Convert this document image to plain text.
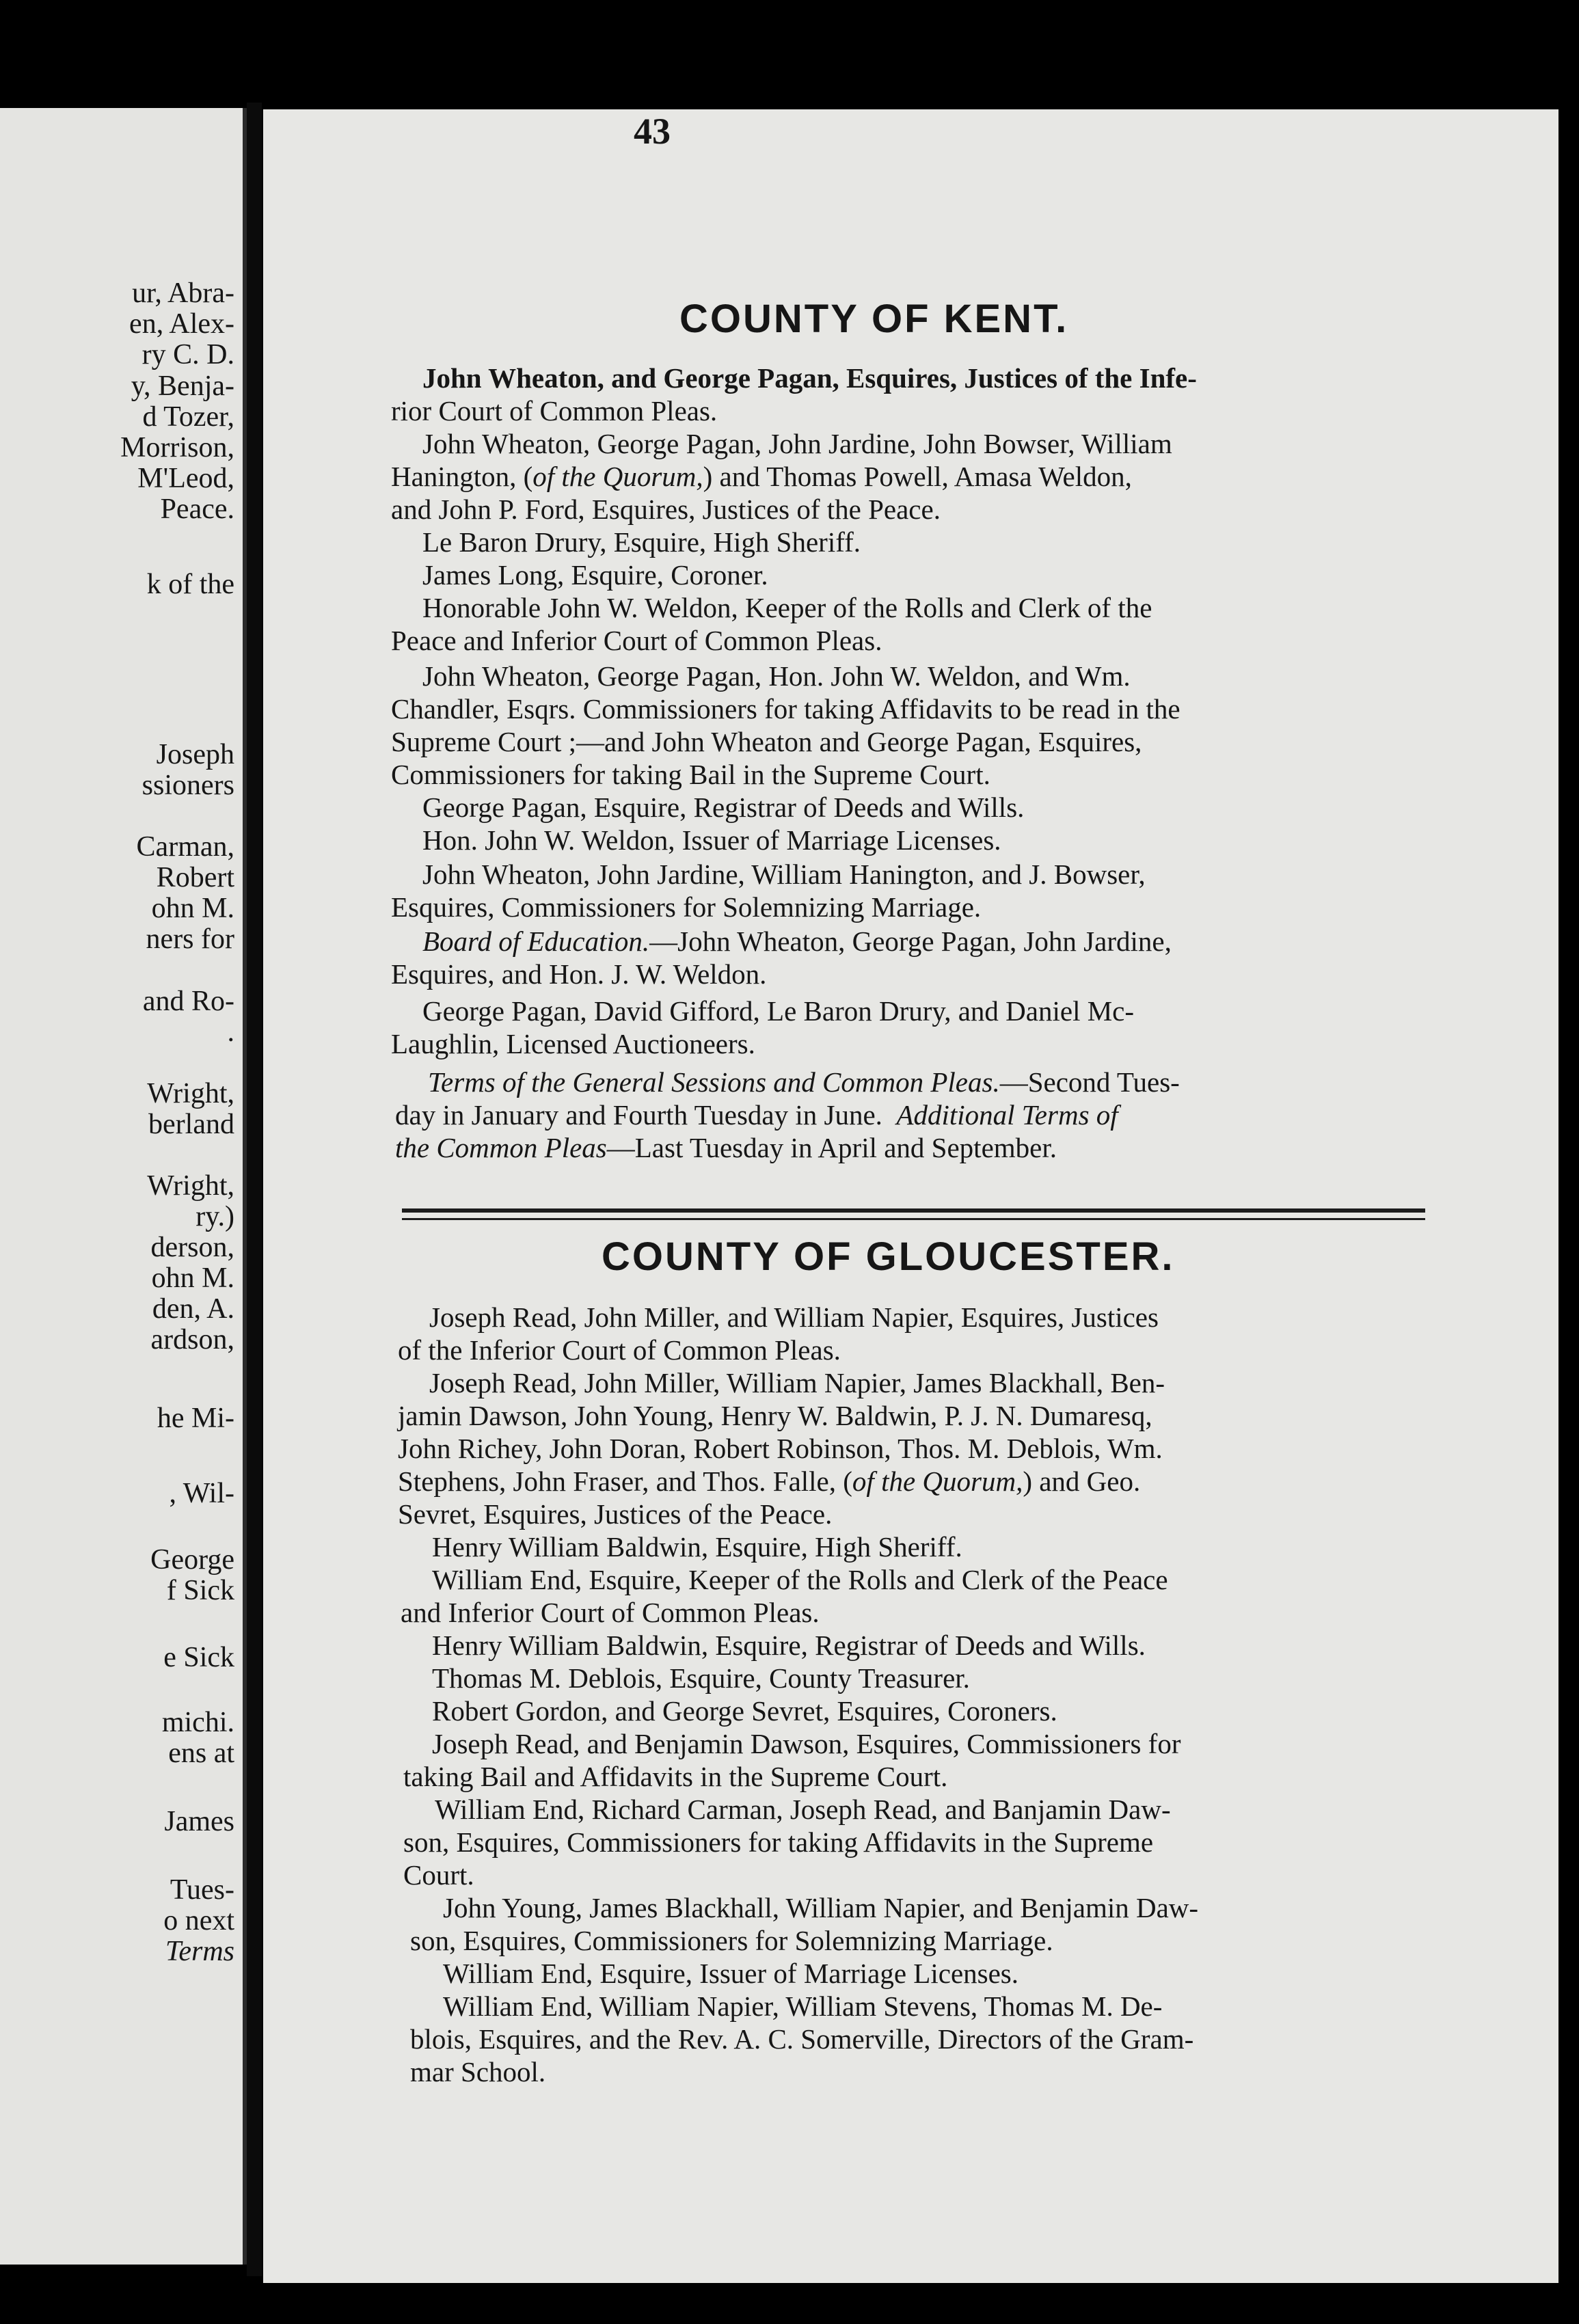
ur, Abra-
en, Alex-
ry C. D.
y, Benja-
d Tozer,
Morrison,
M'Leod,
Peace.
k of the
Joseph
ssioners
Carman,
Robert
ohn M.
ners for
and Ro-
.
Wright,
berland
Wright,
ry.)
derson,
ohn M.
den, A.
ardson,
he Mi-
, Wil-
George
f Sick
e Sick
michi.
ens at
James
Tues-
o next
Terms
43
COUNTY OF KENT.
John Wheaton, and George Pagan, Esquires, Justices of the Infe-
rior Court of Common Pleas.
John Wheaton, George Pagan, John Jardine, John Bowser, William
Hanington, (of the Quorum,) and Thomas Powell, Amasa Weldon,
and John P. Ford, Esquires, Justices of the Peace.
Le Baron Drury, Esquire, High Sheriff.
James Long, Esquire, Coroner.
Honorable John W. Weldon, Keeper of the Rolls and Clerk of the
Peace and Inferior Court of Common Pleas.
John Wheaton, George Pagan, Hon. John W. Weldon, and Wm.
Chandler, Esqrs. Commissioners for taking Affidavits to be read in the
Supreme Court ;—and John Wheaton and George Pagan, Esquires,
Commissioners for taking Bail in the Supreme Court.
George Pagan, Esquire, Registrar of Deeds and Wills.
Hon. John W. Weldon, Issuer of Marriage Licenses.
John Wheaton, John Jardine, William Hanington, and J. Bowser,
Esquires, Commissioners for Solemnizing Marriage.
Board of Education.—John Wheaton, George Pagan, John Jardine,
Esquires, and Hon. J. W. Weldon.
George Pagan, David Gifford, Le Baron Drury, and Daniel Mc-
Laughlin, Licensed Auctioneers.
Terms of the General Sessions and Common Pleas.—Second Tues-
day in January and Fourth Tuesday in June.  Additional Terms of
the Common Pleas—Last Tuesday in April and September.
COUNTY OF GLOUCESTER.
Joseph Read, John Miller, and William Napier, Esquires, Justices
of the Inferior Court of Common Pleas.
Joseph Read, John Miller, William Napier, James Blackhall, Ben-
jamin Dawson, John Young, Henry W. Baldwin, P. J. N. Dumaresq,
John Richey, John Doran, Robert Robinson, Thos. M. Deblois, Wm.
Stephens, John Fraser, and Thos. Falle, (of the Quorum,) and Geo.
Sevret, Esquires, Justices of the Peace.
Henry William Baldwin, Esquire, High Sheriff.
William End, Esquire, Keeper of the Rolls and Clerk of the Peace
and Inferior Court of Common Pleas.
Henry William Baldwin, Esquire, Registrar of Deeds and Wills.
Thomas M. Deblois, Esquire, County Treasurer.
Robert Gordon, and George Sevret, Esquires, Coroners.
Joseph Read, and Benjamin Dawson, Esquires, Commissioners for
taking Bail and Affidavits in the Supreme Court.
William End, Richard Carman, Joseph Read, and Banjamin Daw-
son, Esquires, Commissioners for taking Affidavits in the Supreme
Court.
John Young, James Blackhall, William Napier, and Benjamin Daw-
son, Esquires, Commissioners for Solemnizing Marriage.
William End, Esquire, Issuer of Marriage Licenses.
William End, William Napier, William Stevens, Thomas M. De-
blois, Esquires, and the Rev. A. C. Somerville, Directors of the Gram-
mar School.
